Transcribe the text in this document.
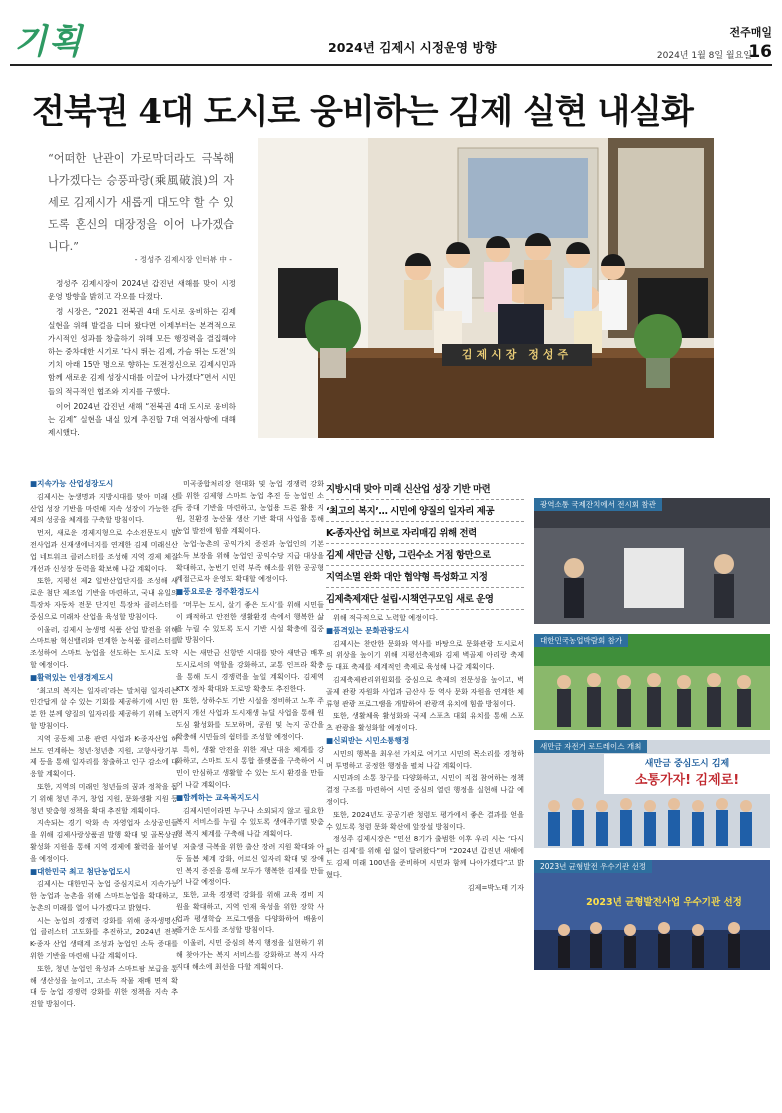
기획	2024년 김제시 시정운영 방향
전주매일
2024년 1월 8일 월요일
16
전북권 4대 도시로 웅비하는 김제 실현 내실화
“어떠한 난관이 가로막더라도 극복해 나가겠다는 승풍파랑(乘風破浪)의 자세로 김제시가 새롭게 대도약 할 수 있도록 혼신의 대장정을 이어 나가겠습니다.”
- 정성주 김제시장 인터뷰 中 -

정성주 김제시장이 2024년 갑진년 새해를 맞이 시정운영 방향을 밝히고 각오를 다졌다.

정 시장은, “2021 전북권 4대 도시로 웅비하는 김제 실현을 위해 발걸음 디뎌 왔다면 이제부터는 본격적으로 가시적인 성과를 창출하기 위해 모든 행정력을 결집해야 하는 중차대한 시기로 ‘다시 뛰는 김제, 가슴 뛰는 도전’의 기치 아래 15만 명으로 향하는 도전정신으로 김제시민과 함께 새로운 김제 성장시대를 이끌어 나가겠다”면서 시민들의 적극적인 협조와 지지를 구했다.

이어 2024년 갑진년 새해 “전북권 4대 도시로 웅비하는 김제” 실현을 내실 있게 추진할 7대 역점사항에 대해 제시했다.

김제시장 정성주

■지속가능 산업성장도시

김제시는 농생명과 지방시대를 맞아 미래 신산업 성장 기반을 마련해 지속 성장이 가능한 김제의 성공을 체계를 구축할 방침이다.

먼저, 새로운 경제지형으로 수소전문도시 발전사업과 신재생에너지를 연계한 김제 미래신산업 네트워크 클러스터를 조성해 지역 경제 체질 개선과 신성장 동력을 확보해 나갈 계획이다.

또한, 지평선 제2 일반산업단지를 조성해 새로운 첨단 제조업 기반을 마련하고, 국내 유일의 특장차 자동차 전문 단지인 특장차 클러스터를 중심으로 미래차 산업을 육성할 방침이다.

이울러, 김제시 농생명 식품 산업 발전을 위해 스마트팜 혁신밸리와 연계한 농식품 클러스터를 조성하여 스마트 농업을 선도하는 도시로 도약할 예정이다.

■활력있는 인생경제도시

‘최고의 복지는 일자리’라는 말처럼 일자리는 인간답게 살 수 있는 기회를 제공하기에 시민 한 분 한 분께 양질의 일자리를 제공하기 위해 노력할 방침이다.

지역 공동체 고용 관련 사업과 K-종자산업 허브도 연계하는 청년·청년층 지원, 고향사랑기부제 등을 통해 일자리를 창출하고 인구 감소에 대응할 계획이다.

또한, 지역의 미래인 청년들의 꿈과 정착을 돕기 위해 청년 주거, 창업 지원, 문화생활 지원 등 청년 맞춤형 정책을 확대 추진할 계획이다.

지속되는 경기 악화 속 자영업자 소상공인들을 위해 김제사랑상품권 발행 확대 및 골목상권 활성화 지원을 통해 지역 경제에 활력을 불어넣을 예정이다.

■대한민국 최고 첨단농업도시

김제시는 대한민국 농업 중심지로서 지속가능한 농업과 농촌을 위해 스마트농업을 확대하고, 농촌의 미래를 열어 나가겠다고 밝혔다.

시는 농업의 경쟁력 강화를 위해 종자생명산업 클러스터 고도화를 추진하고, 2024년 전북 K-종자 산업 생태계 조성과 농업인 소득 증대를 위한 기반을 마련해 나갈 계획이다.

또한, 청년 농업인 육성과 스마트팜 보급을 통해 생산성을 높이고, 고소득 작물 재배 면적 확대 등 농업 경쟁력 강화를 위한 정책을 지속 추진할 방침이다.

미곡종합처리장 현대화 및 농업 경쟁력 강화를 위한 김제형 스마트 농업 추진 등 농업인 소득 증대 기반을 마련하고, 농업용 드론 활용 지원, 친환경 농산물 생산 기반 확대 사업을 통해 농업 발전에 힘쓸 계획이다.

농업·농촌의 공익가치 증진과 농업인의 기본소득 보장을 위해 농업인 공익수당 지급 대상을 확대하고, 농번기 인력 부족 해소를 위한 공공형 계절근로자 운영도 확대할 예정이다.

■풍요로운 정주환경도시

‘머무는 도시, 살기 좋은 도시’를 위해 시민들이 쾌적하고 안전한 생활환경 속에서 행복한 삶을 누릴 수 있도록 도시 기반 시설 확충에 집중할 방침이다.

시는 새만금 신항만 시대를 맞아 새만금 배후도시로서의 역할을 강화하고, 교통 인프라 확충을 통해 도시 경쟁력을 높일 계획이다. 김제역 KTX 정차 확대와 도로망 확충도 추진한다.

또한, 상하수도 기반 시설을 정비하고 노후 주거지 개선 사업과 도시재생 뉴딜 사업을 통해 원도심 활성화를 도모하며, 공원 및 녹지 공간을 확충해 시민들의 쉼터를 조성할 예정이다.

특히, 생활 안전을 위한 재난 대응 체계를 강화하고, 스마트 도시 통합 플랫폼을 구축하여 시민이 안심하고 생활할 수 있는 도시 환경을 만들어 나갈 계획이다.

■함께하는 교육복지도시

김제시민이라면 누구나 소외되지 않고 필요한 복지 서비스를 누릴 수 있도록 생애주기별 맞춤형 복지 체계를 구축해 나갈 계획이다.

저출생 극복을 위한 출산 장려 지원 확대와 아동 돌봄 체계 강화, 어르신 일자리 확대 및 장애인 복지 증진을 통해 모두가 행복한 김제를 만들어 나갈 예정이다.

또한, 교육 경쟁력 강화를 위해 교육 경비 지원을 확대하고, 지역 인재 육성을 위한 장학 사업과 평생학습 프로그램을 다양화하여 배움이 즐거운 도시를 조성할 방침이다.

이울러, 시민 중심의 복지 행정을 실현하기 위해 찾아가는 복지 서비스를 강화하고 복지 사각지대 해소에 최선을 다할 계획이다.

지방시대 맞아 미래 신산업 성장 기반 마련
‘최고의 복지’… 시민에 양질의 일자리 제공
K-종자산업 허브로 자리매김 위해 전력
김제 새만금 신항, 그린수소 거점 항만으로
지역소멸 완화 대안 협약형 특성화고 지정
김제축제재단 설립·시책연구모임 새로 운영

위해 적극적으로 노력할 예정이다.

■품격있는 문화관광도시

김제시는 찬란한 문화와 역사를 바탕으로 문화관광 도시로서의 위상을 높이기 위해 지평선축제와 김제 벽골제 아리랑 축제 등 대표 축제를 세계적인 축제로 육성해 나갈 계획이다.

김제축제관리위원회를 중심으로 축제의 전문성을 높이고, 벽골제 관광 자원화 사업과 금산사 등 역사 문화 자원을 연계한 체류형 관광 프로그램을 개발하여 관광객 유치에 힘쓸 방침이다.

또한, 생활체육 활성화와 국제 스포츠 대회 유치를 통해 스포츠 관광을 활성화할 예정이다.

■신뢰받는 시민소통행정

시민의 행복을 최우선 가치로 여기고 시민의 목소리를 경청하며 투명하고 공정한 행정을 펼쳐 나갈 계획이다.

시민과의 소통 창구를 다양화하고, 시민이 직접 참여하는 정책 결정 구조를 마련하여 시민 중심의 열린 행정을 실현해 나갈 예정이다.

또한, 2024년도 공공기관 청렴도 평가에서 좋은 결과를 얻을 수 있도록 청렴 문화 확산에 앞장설 방침이다.

정성주 김제시장은 “민선 8기가 출범한 이후 우리 시는 ‘다시 뛰는 김제’를 위해 쉼 없이 달려왔다”며 “2024년 갑진년 새해에도 김제 미래 100년을 준비하며 시민과 함께 나아가겠다”고 밝혔다.

김제=박노태 기자

광역소통 국제잔치에서 전시회 참관
대한민국농업박람회 참가
새만금 자전거 로드레이스 개최
새만금 중심도시 김제
소통가자! 김제로!
2023년 균형발전 우수기관 선정
2023년 균형발전사업 우수기관 선정
